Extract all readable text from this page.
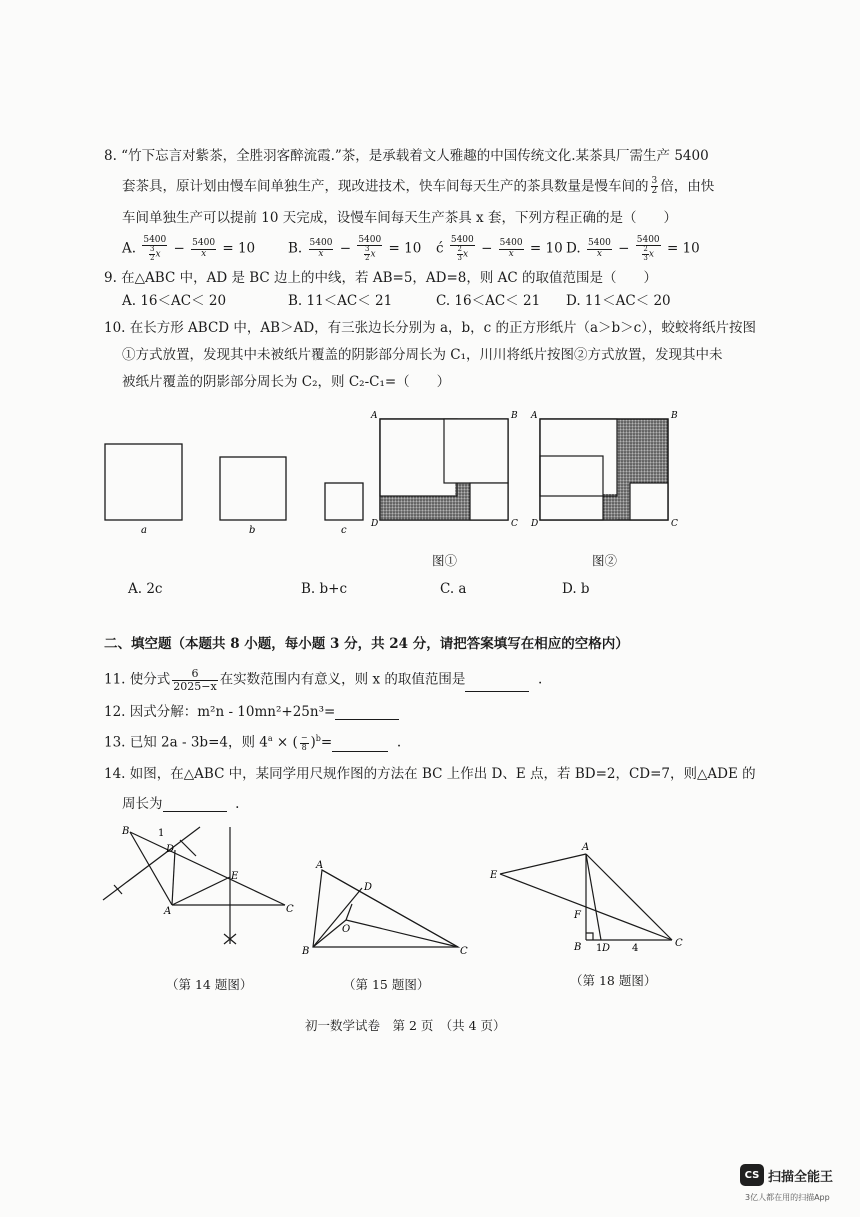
8. “竹下忘言对紫茶，全胜羽客醉流霞.”茶，是承载着文人雅趣的中国传统文化.某茶具厂需生产 5400
套茶具，原计划由慢车间单独生产，现改进技术，快车间每天生产的茶具数量是慢车间的 $\frac{3}{2}$ 倍，由快
车间单独生产可以提前 10 天完成，设慢车间每天生产茶具 x 套，下列方程正确的是（　　）
A. $\frac{5400}{\frac{3}{2} x} - \frac{5400}{x} = 10$ B. $\frac{5400}{x} - \frac{5400}{\frac{3}{2} x} = 10$ ć $\frac{5400}{\frac{2}{3} x} - \frac{5400}{x} = 10$ D. $\frac{5400}{x} - \frac{5400}{\frac{2}{3} x} = 10$
9. 在△ABC 中，AD 是 BC 边上的中线，若 AB=5，AD=8，则 AC 的取值范围是（　　）
A. 16＜AC＜ 20	B. 11＜AC＜ 21	C. 16＜AC＜ 21 D. 11＜AC＜ 20
10. 在长方形 ABCD 中，AB＞AD，有三张边长分别为 a，b，c 的正方形纸片（a＞b＞c），蛟蛟将纸片按图
①方式放置，发现其中未被纸片覆盖的阴影部分周长为 C₁，川川将纸片按图②方式放置，发现其中未
被纸片覆盖的阴影部分周长为 C₂，则 C₂-C₁=（　　）
a	b	c
A	B
D	C
A	B
D	C
图①	图②
A. 2c	B. b+c	C. a	D. b
二、填空题（本题共 8 小题，每小题 3 分，共 24 分，请把答案填写在相应的空格内）
11. 使分式 $\frac{6}{2025-x}$ 在实数范围内有意义，则 x 的取值范围是	.
12. 因式分解：m²n - 10mn²+25n³=
13. 已知 2a - 3b=4，则 $4^a$ × ( $\frac{-}{8} )^b=$	.
14. 如图，在△ABC 中，某同学用尺规作图的方法在 BC 上作出 D、E 点，若 BD=2，CD=7，则△ADE 的
周长为	.
B	1
D
E
A	C
A
D
O
B	C
A
E
F
B 1 D 4	C
（第 14 题图）	（第 15 题图）	（第 18 题图）
初一数学试卷　第 2 页　（共 4 页）
CS 扫描全能王
3亿人都在用的扫描App
